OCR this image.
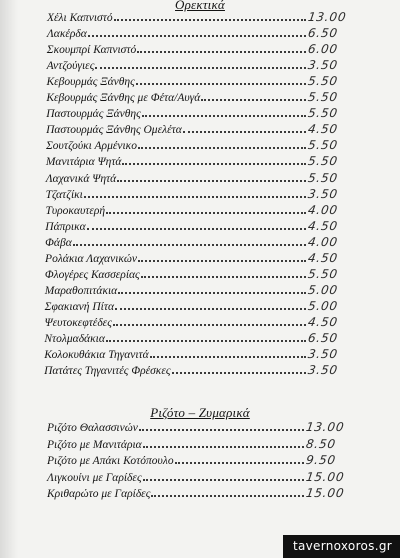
Ορεκτικά
Χέλι Καπνιστό	13.00
Λακέρδα	6.50
Σκουμπρί Καπνιστό	6.00
Αντζούγιες	3.50
Κεβουρμάς Ξάνθης	5.50
Κεβουρμάς Ξάνθης με Φέτα/Αυγά	5.50
Παστουρμάς Ξάνθης	5.50
Παστουρμάς Ξάνθης Ομελέτα	4.50
Σουτζούκι Αρμένικο	5.50
Μανιτάρια Ψητά	5.50
Λαχανικά Ψητά	5.50
Τζατζίκι	3.50
Τυροκαυτερή	4.00
Πάπρικα	4.50
Φάβα	4.00
Ρολάκια Λαχανικών	4.50
Φλογέρες Κασσερίας	5.50
Μαραθοπιτάκια	5.00
Σφακιανή Πίτα	5.00
Ψευτοκεφτέδες	4.50
Ντολμαδάκια	6.50
Κολοκυθάκια Τηγανιτά	3.50
Πατάτες Τηγανιτές Φρέσκες	3.50
Ριζότο – Ζυμαρικά
Ριζότο Θαλασσινών	13.00
Ριζότο με Μανιτάρια	8.50
Ριζότο με Απάκι Κοτόπουλο	9.50
Λιγκουίνι με Γαρίδες	15.00
Κριθαρώτο με Γαρίδες	15.00
tavernoxoros.gr
